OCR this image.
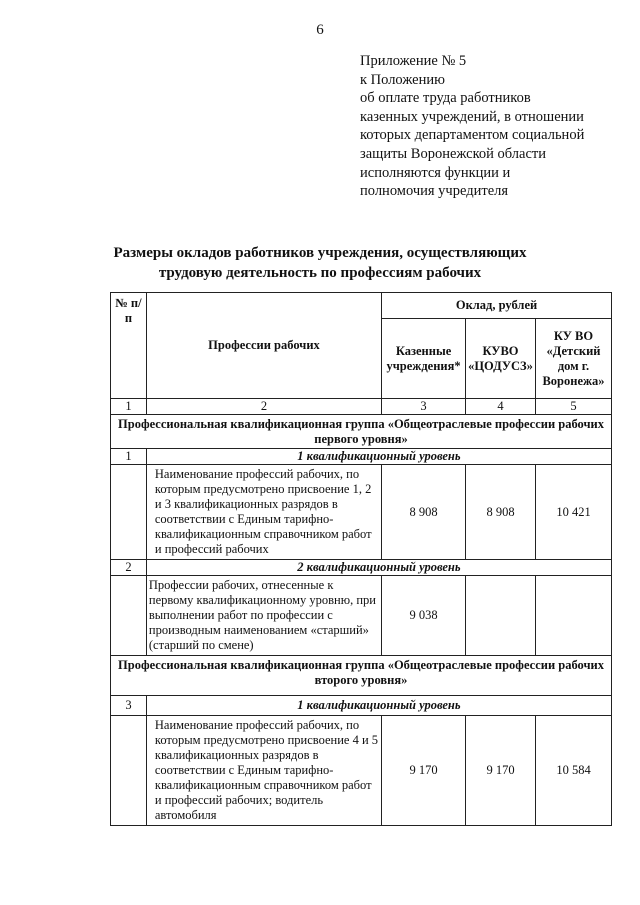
6
Приложение № 5
к Положению
об оплате труда работников
казенных учреждений, в отношении
которых департаментом социальной
защиты Воронежской области
исполняются функции и
полномочия учредителя
Размеры окладов работников учреждения, осуществляющих трудовую деятельность по профессиям рабочих
№ п/п	Профессии рабочих	Оклад, рублей		
		Казенные учреждения*	КУВО «ЦОДУСЗ»	КУ ВО «Детский дом г. Воронежа»
1	2	3	4	5
Профессиональная квалификационная группа «Общеотраслевые профессии рабочих первого уровня»				
1	1 квалификационный уровень			
	Наименование профессий рабочих, по которым предусмотрено присвоение 1, 2 и 3 квалификационных разрядов в соответствии с Единым тарифно-квалификационным справочником работ и профессий рабочих	8 908	8 908	10 421
2	2 квалификационный уровень			
	Профессии рабочих, отнесенные к первому квалификационному уровню, при выполнении работ по профессии с производным наименованием «старший» (старший по смене)	9 038		
Профессиональная квалификационная группа «Общеотраслевые профессии рабочих второго уровня»				
3	1 квалификационный уровень			
	Наименование профессий рабочих, по которым предусмотрено присвоение 4 и 5 квалификационных разрядов в соответствии с Единым тарифно-квалификационным справочником работ и профессий рабочих; водитель автомобиля	9 170	9 170	10 584
